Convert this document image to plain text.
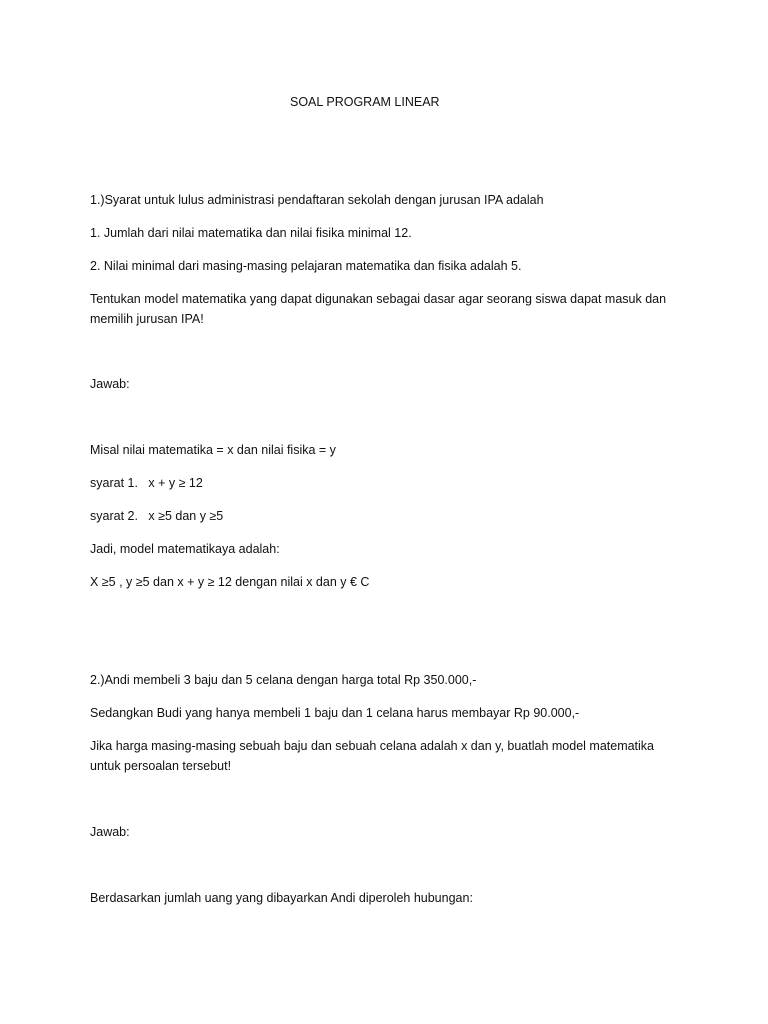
SOAL PROGRAM LINEAR

1.)Syarat untuk lulus administrasi pendaftaran sekolah dengan jurusan IPA adalah

1. Jumlah dari nilai matematika dan nilai fisika minimal 12.

2. Nilai minimal dari masing-masing pelajaran matematika dan fisika adalah 5.

Tentukan model matematika yang dapat digunakan sebagai dasar agar seorang siswa dapat masuk dan memilih jurusan IPA!

Jawab:

Misal nilai matematika = x dan nilai fisika = y

syarat 1.   x + y ≥ 12

syarat 2.   x ≥5 dan y ≥5

Jadi, model matematikaya adalah:

X ≥5 , y ≥5 dan x + y ≥ 12 dengan nilai x dan y € C

2.)Andi membeli 3 baju dan 5 celana dengan harga total Rp 350.000,-

Sedangkan Budi yang hanya membeli 1 baju dan 1 celana harus membayar Rp 90.000,-

Jika harga masing-masing sebuah baju dan sebuah celana adalah x dan y, buatlah model matematika untuk persoalan tersebut!

Jawab:

Berdasarkan jumlah uang yang dibayarkan Andi diperoleh hubungan:
